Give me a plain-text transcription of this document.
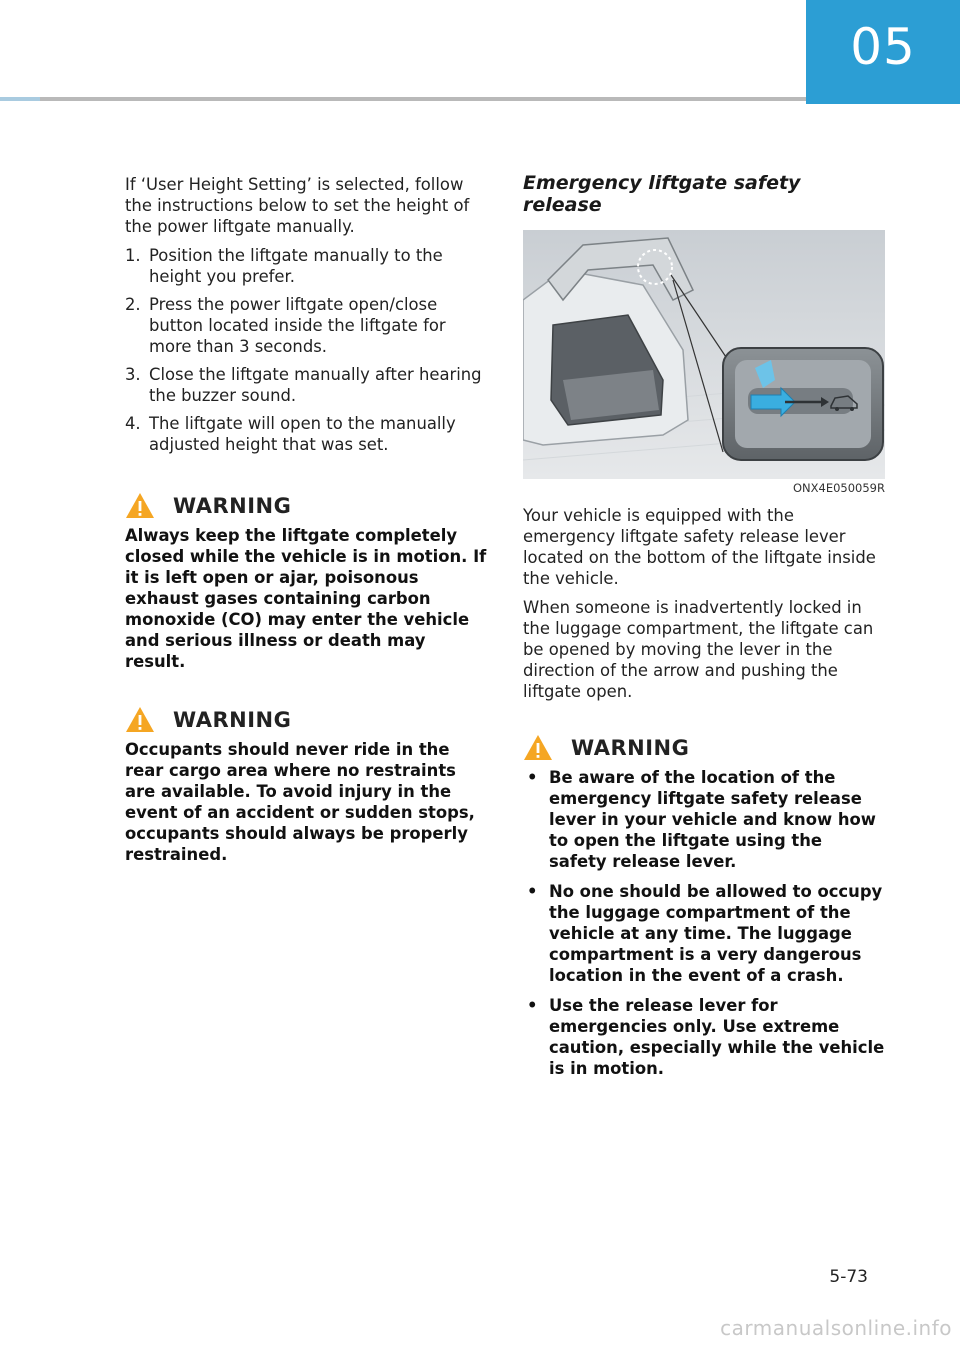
05

If ‘User Height Setting’ is selected, follow the instructions below to set the height of the power liftgate manually.

1. Position the liftgate manually to the height you prefer.
2. Press the power liftgate open/close button located inside the liftgate for more than 3 seconds.
3. Close the liftgate manually after hearing the buzzer sound.
4. The liftgate will open to the manually adjusted height that was set.
WARNING

Always keep the liftgate completely closed while the vehicle is in motion. If it is left open or ajar, poisonous exhaust gases containing carbon monoxide (CO) may enter the vehicle and serious illness or death may result.

WARNING

Occupants should never ride in the rear cargo area where no restraints are available. To avoid injury in the event of an accident or sudden stops, occupants should always be properly restrained.

Emergency liftgate safety release
ONX4E050059R

Your vehicle is equipped with the emergency liftgate safety release lever located on the bottom of the liftgate inside the vehicle.

When someone is inadvertently locked in the luggage compartment, the liftgate can be opened by moving the lever in the direction of the arrow and pushing the liftgate open.

WARNING
• Be aware of the location of the emergency liftgate safety release lever in your vehicle and know how to open the liftgate using the safety release lever.
• No one should be allowed to occupy the luggage compartment of the vehicle at any time. The luggage compartment is a very dangerous location in the event of a crash.
• Use the release lever for emergencies only. Use extreme caution, especially while the vehicle is in motion.
5-73
carmanualsonline.info
